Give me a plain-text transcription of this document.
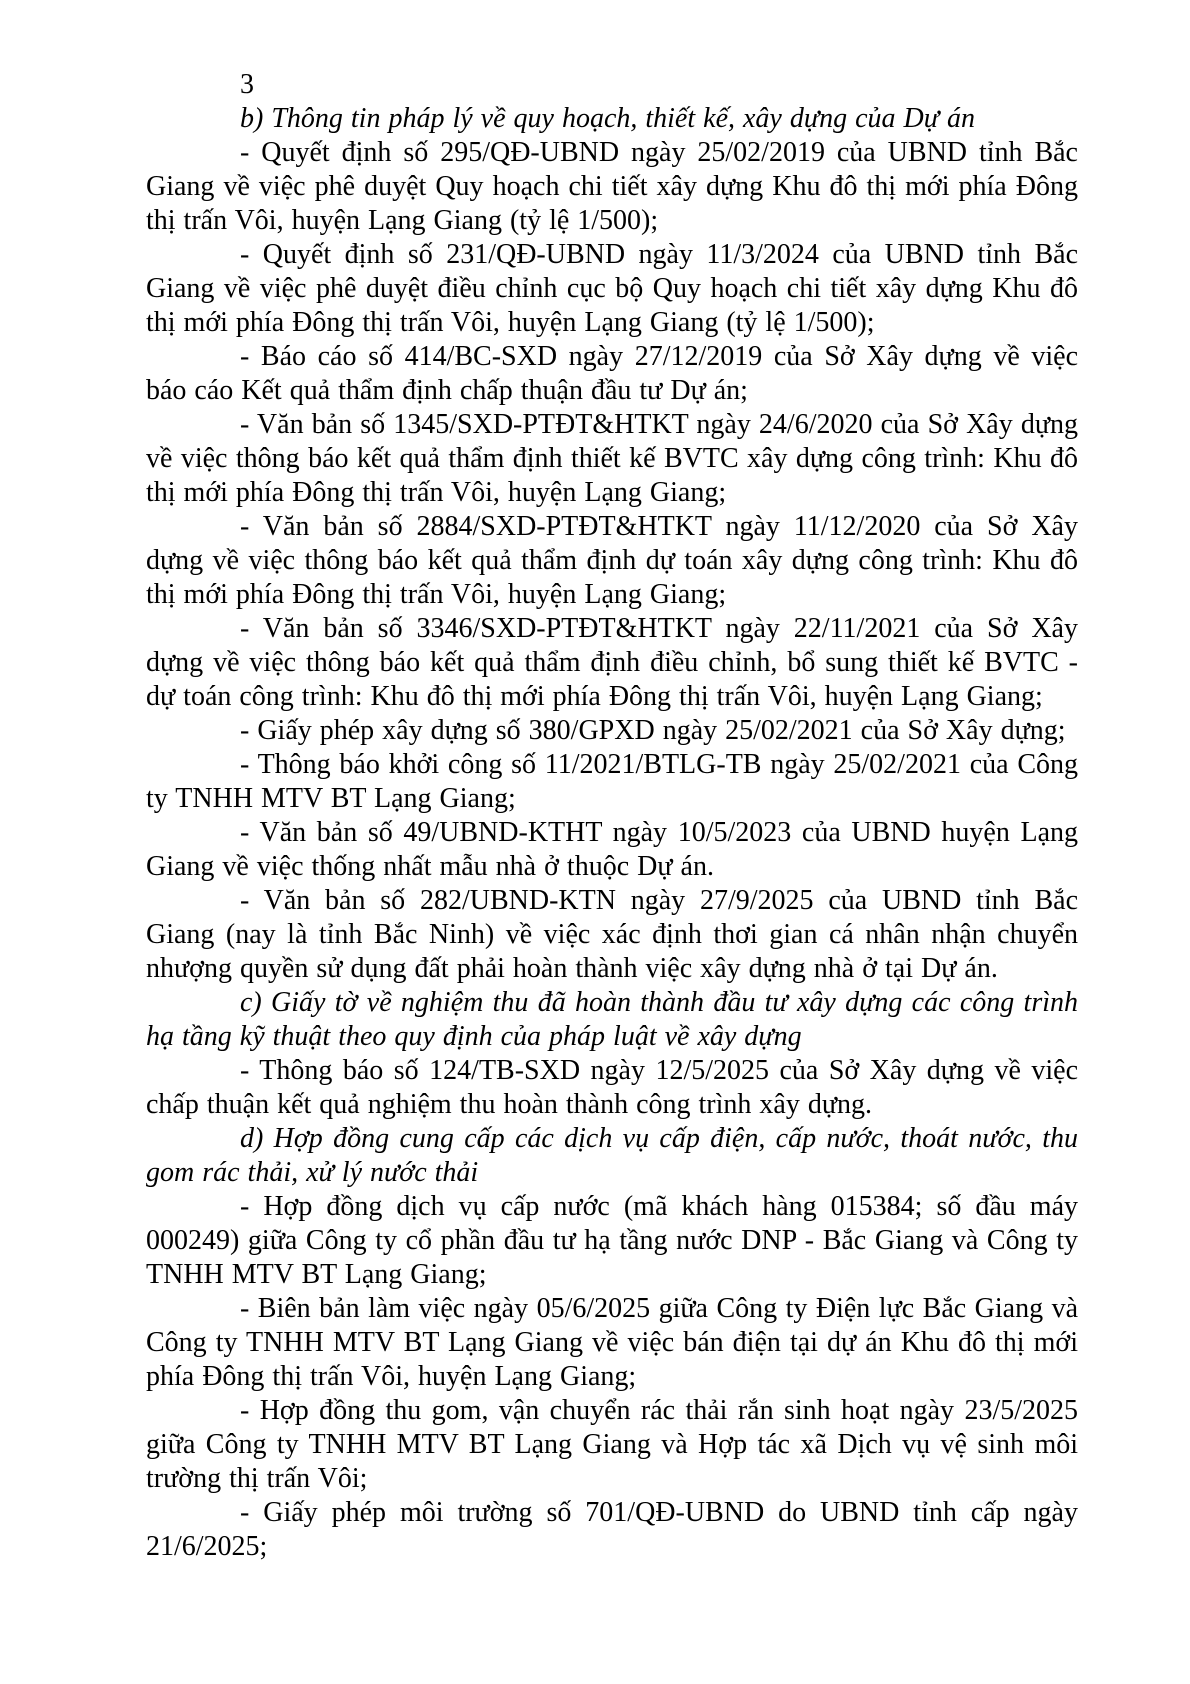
3

b) Thông tin pháp lý về quy hoạch, thiết kế, xây dựng của Dự án

- Quyết định số 295/QĐ-UBND ngày 25/02/2019 của UBND tỉnh Bắc Giang về việc phê duyệt Quy hoạch chi tiết xây dựng Khu đô thị mới phía Đông thị trấn Vôi, huyện Lạng Giang (tỷ lệ 1/500);

- Quyết định số 231/QĐ-UBND ngày 11/3/2024 của UBND tỉnh Bắc Giang về việc phê duyệt điều chỉnh cục bộ Quy hoạch chi tiết xây dựng Khu đô thị mới phía Đông thị trấn Vôi, huyện Lạng Giang (tỷ lệ 1/500);

- Báo cáo số 414/BC-SXD ngày 27/12/2019 của Sở Xây dựng về việc báo cáo Kết quả thẩm định chấp thuận đầu tư Dự án;

- Văn bản số 1345/SXD-PTĐT&HTKT ngày 24/6/2020 của Sở Xây dựng về việc thông báo kết quả thẩm định thiết kế BVTC xây dựng công trình: Khu đô thị mới phía Đông thị trấn Vôi, huyện Lạng Giang;

- Văn bản số 2884/SXD-PTĐT&HTKT ngày 11/12/2020 của Sở Xây dựng về việc thông báo kết quả thẩm định dự toán xây dựng công trình: Khu đô thị mới phía Đông thị trấn Vôi, huyện Lạng Giang;

- Văn bản số 3346/SXD-PTĐT&HTKT ngày 22/11/2021 của Sở Xây dựng về việc thông báo kết quả thẩm định điều chỉnh, bổ sung thiết kế BVTC - dự toán công trình: Khu đô thị mới phía Đông thị trấn Vôi, huyện Lạng Giang;

- Giấy phép xây dựng số 380/GPXD ngày 25/02/2021 của Sở Xây dựng;

- Thông báo khởi công số 11/2021/BTLG-TB ngày 25/02/2021 của Công ty TNHH MTV BT Lạng Giang;

- Văn bản số 49/UBND-KTHT ngày 10/5/2023 của UBND huyện Lạng Giang về việc thống nhất mẫu nhà ở thuộc Dự án.

- Văn bản số 282/UBND-KTN ngày 27/9/2025 của UBND tỉnh Bắc Giang (nay là tỉnh Bắc Ninh) về việc xác định thơi gian cá nhân nhận chuyển nhượng quyền sử dụng đất phải hoàn thành việc xây dựng nhà ở tại Dự án.

c) Giấy tờ về nghiệm thu đã hoàn thành đầu tư xây dựng các công trình hạ tầng kỹ thuật theo quy định của pháp luật về xây dựng

- Thông báo số 124/TB-SXD ngày 12/5/2025 của Sở Xây dựng về việc chấp thuận kết quả nghiệm thu hoàn thành công trình xây dựng.

d) Hợp đồng cung cấp các dịch vụ cấp điện, cấp nước, thoát nước, thu gom rác thải, xử lý nước thải

- Hợp đồng dịch vụ cấp nước (mã khách hàng 015384; số đầu máy 000249) giữa Công ty cổ phần đầu tư hạ tầng nước DNP - Bắc Giang và Công ty TNHH MTV BT Lạng Giang;

- Biên bản làm việc ngày 05/6/2025 giữa Công ty Điện lực Bắc Giang và Công ty TNHH MTV BT Lạng Giang về việc bán điện tại dự án Khu đô thị mới phía Đông thị trấn Vôi, huyện Lạng Giang;

- Hợp đồng thu gom, vận chuyển rác thải rắn sinh hoạt ngày 23/5/2025 giữa Công ty TNHH MTV BT Lạng Giang và Hợp tác xã Dịch vụ vệ sinh môi trường thị trấn Vôi;

- Giấy phép môi trường số 701/QĐ-UBND do UBND tỉnh cấp ngày 21/6/2025;
